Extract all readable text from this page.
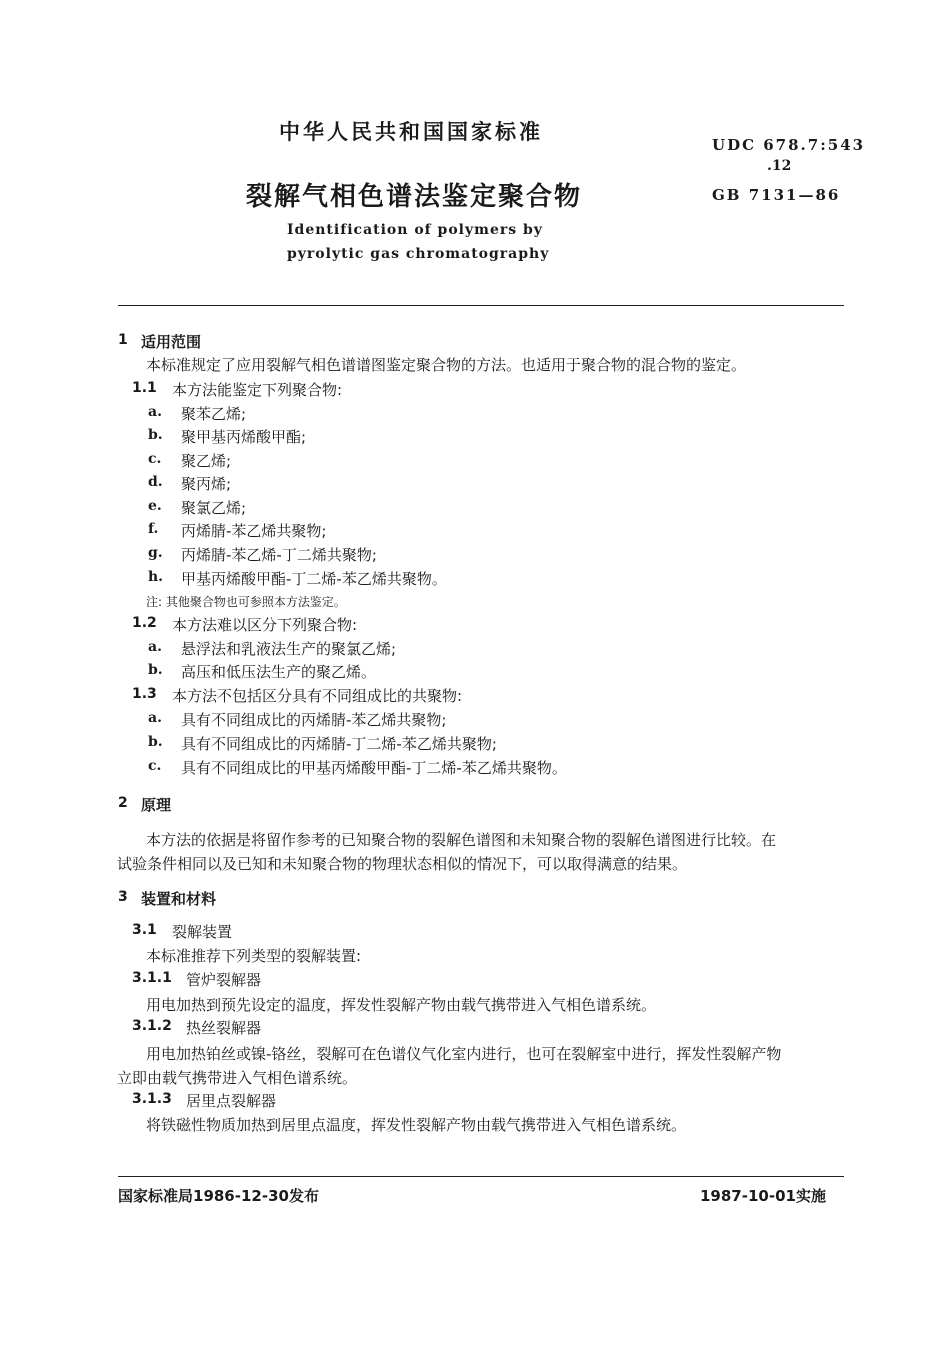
中华人民共和国国家标准
UDC 678.7:543
.12
裂解气相色谱法鉴定聚合物	GB 7131—86
Identification of polymers by
pyrolytic gas chromatography
1 适用范围
本标准规定了应用裂解气相色谱谱图鉴定聚合物的方法。也适用于聚合物的混合物的鉴定。
1.1 本方法能鉴定下列聚合物:
a. 聚苯乙烯;
b. 聚甲基丙烯酸甲酯;
c. 聚乙烯;
d. 聚丙烯;
e. 聚氯乙烯;
f. 丙烯腈-苯乙烯共聚物;
g. 丙烯腈-苯乙烯-丁二烯共聚物;
h. 甲基丙烯酸甲酯-丁二烯-苯乙烯共聚物。
注: 其他聚合物也可参照本方法鉴定。
1.2 本方法难以区分下列聚合物:
a. 悬浮法和乳液法生产的聚氯乙烯;
b. 高压和低压法生产的聚乙烯。
1.3 本方法不包括区分具有不同组成比的共聚物:
a. 具有不同组成比的丙烯腈-苯乙烯共聚物;
b. 具有不同组成比的丙烯腈-丁二烯-苯乙烯共聚物;
c. 具有不同组成比的甲基丙烯酸甲酯-丁二烯-苯乙烯共聚物。
2 原理
本方法的依据是将留作参考的已知聚合物的裂解色谱图和未知聚合物的裂解色谱图进行比较。在
试验条件相同以及已知和未知聚合物的物理状态相似的情况下，可以取得满意的结果。
3 装置和材料
3.1 裂解装置
本标准推荐下列类型的裂解装置:
3.1.1 管炉裂解器
用电加热到预先设定的温度，挥发性裂解产物由载气携带进入气相色谱系统。
3.1.2 热丝裂解器
用电加热铂丝或镍-铬丝，裂解可在色谱仪气化室内进行，也可在裂解室中进行，挥发性裂解产物
立即由载气携带进入气相色谱系统。
3.1.3 居里点裂解器
将铁磁性物质加热到居里点温度，挥发性裂解产物由载气携带进入气相色谱系统。
国家标准局1986-12-30发布	1987-10-01实施
